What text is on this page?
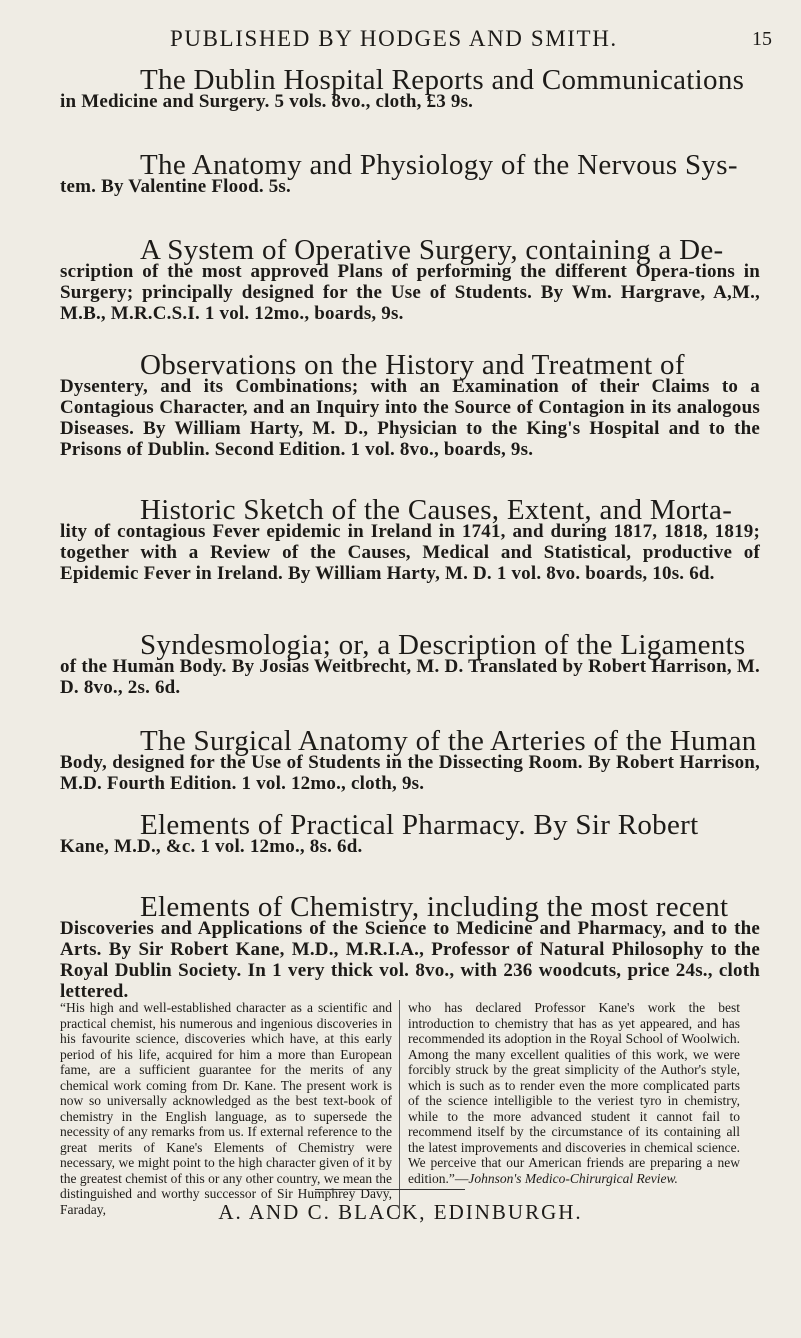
PUBLISHED BY HODGES AND SMITH.	15
The Dublin Hospital Reports and Communications
in Medicine and Surgery. 5 vols. 8vo., cloth, £3 9s.
The Anatomy and Physiology of the Nervous Sys-
tem. By Valentine Flood. 5s.
A System of Operative Surgery, containing a De-
scription of the most approved Plans of performing the different Opera-tions in Surgery; principally designed for the Use of Students. By Wm. Hargrave, A,M., M.B., M.R.C.S.I. 1 vol. 12mo., boards, 9s.
Observations on the History and Treatment of
Dysentery, and its Combinations; with an Examination of their Claims to a Contagious Character, and an Inquiry into the Source of Contagion in its analogous Diseases. By William Harty, M. D., Physician to the King's Hospital and to the Prisons of Dublin. Second Edition. 1 vol. 8vo., boards, 9s.
Historic Sketch of the Causes, Extent, and Morta-
lity of contagious Fever epidemic in Ireland in 1741, and during 1817, 1818, 1819; together with a Review of the Causes, Medical and Statistical, productive of Epidemic Fever in Ireland. By William Harty, M. D. 1 vol. 8vo. boards, 10s. 6d.
Syndesmologia; or, a Description of the Ligaments
of the Human Body. By Josias Weitbrecht, M. D. Translated by Robert Harrison, M. D. 8vo., 2s. 6d.
The Surgical Anatomy of the Arteries of the Human
Body, designed for the Use of Students in the Dissecting Room. By Robert Harrison, M.D. Fourth Edition. 1 vol. 12mo., cloth, 9s.
Elements of Practical Pharmacy. By Sir Robert
Kane, M.D., &c. 1 vol. 12mo., 8s. 6d.
Elements of Chemistry, including the most recent
Discoveries and Applications of the Science to Medicine and Pharmacy, and to the Arts. By Sir Robert Kane, M.D., M.R.I.A., Professor of Natural Philosophy to the Royal Dublin Society. In 1 very thick vol. 8vo., with 236 woodcuts, price 24s., cloth lettered.
“His high and well-established character as a scientific and practical chemist, his numerous and ingenious discoveries in his favourite science, discoveries which have, at this early period of his life, acquired for him a more than European fame, are a sufficient guarantee for the merits of any chemical work coming from Dr. Kane. The present work is now so universally acknowledged as the best text-book of chemistry in the English language, as to supersede the necessity of any remarks from us. If external reference to the great merits of Kane's Elements of Chemistry were necessary, we might point to the high character given of it by the greatest chemist of this or any other country, we mean the distinguished and worthy successor of Sir Humphrey Davy, Faraday,
who has declared Professor Kane's work the best introduction to chemistry that has as yet appeared, and has recommended its adoption in the Royal School of Woolwich. Among the many excellent qualities of this work, we were forcibly struck by the great simplicity of the Author's style, which is such as to render even the more complicated parts of the science intelligible to the veriest tyro in chemistry, while to the more advanced student it cannot fail to recommend itself by the circumstance of its containing all the latest improvements and discoveries in chemical science. We perceive that our American friends are preparing a new edition.”—Johnson's Medico-Chirurgical Review.
A. AND C. BLACK, EDINBURGH.
